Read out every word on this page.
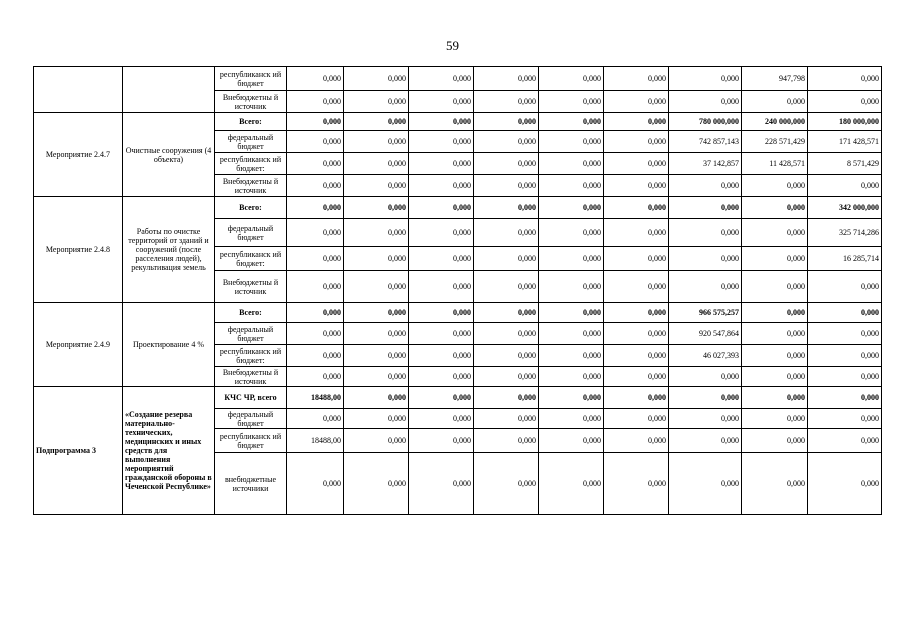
59
		республиканск ий бюджет	0,000	0,000	0,000	0,000	0,000	0,000	0,000	947,798	0,000
		Внебюджетны й источник	0,000	0,000	0,000	0,000	0,000	0,000	0,000	0,000	0,000
Мероприятие 2.4.7	Очистные сооружения (4 объекта)	Всего:	0,000	0,000	0,000	0,000	0,000	0,000	780 000,000	240 000,000	180 000,000
		федеральный бюджет	0,000	0,000	0,000	0,000	0,000	0,000	742 857,143	228 571,429	171 428,571
		республиканск ий бюджет:	0,000	0,000	0,000	0,000	0,000	0,000	37 142,857	11 428,571	8 571,429
		Внебюджетны й источник	0,000	0,000	0,000	0,000	0,000	0,000	0,000	0,000	0,000
Мероприятие 2.4.8	Работы по очистке территорий от зданий и сооружений (после расселения людей), рекультивация земель	Всего:	0,000	0,000	0,000	0,000	0,000	0,000	0,000	0,000	342 000,000
		федеральный бюджет	0,000	0,000	0,000	0,000	0,000	0,000	0,000	0,000	325 714,286
		республиканск ий бюджет:	0,000	0,000	0,000	0,000	0,000	0,000	0,000	0,000	16 285,714
		Внебюджетны й источник	0,000	0,000	0,000	0,000	0,000	0,000	0,000	0,000	0,000
Мероприятие 2.4.9	Проектирование 4 %	Всего:	0,000	0,000	0,000	0,000	0,000	0,000	966 575,257	0,000	0,000
		федеральный бюджет	0,000	0,000	0,000	0,000	0,000	0,000	920 547,864	0,000	0,000
		республиканск ий бюджет:	0,000	0,000	0,000	0,000	0,000	0,000	46 027,393	0,000	0,000
		Внебюджетны й источник	0,000	0,000	0,000	0,000	0,000	0,000	0,000	0,000	0,000
Подпрограмма 3	«Создание резерва материально-технических, медицинских и иных средств для выполнения мероприятий гражданской обороны в Чеченской Республике»	КЧС ЧР, всего	18488,00	0,000	0,000	0,000	0,000	0,000	0,000	0,000	0,000
		федеральный бюджет	0,000	0,000	0,000	0,000	0,000	0,000	0,000	0,000	0,000
		республиканск ий бюджет	18488,00	0,000	0,000	0,000	0,000	0,000	0,000	0,000	0,000
		внебюджетные источники	0,000	0,000	0,000	0,000	0,000	0,000	0,000	0,000	0,000
